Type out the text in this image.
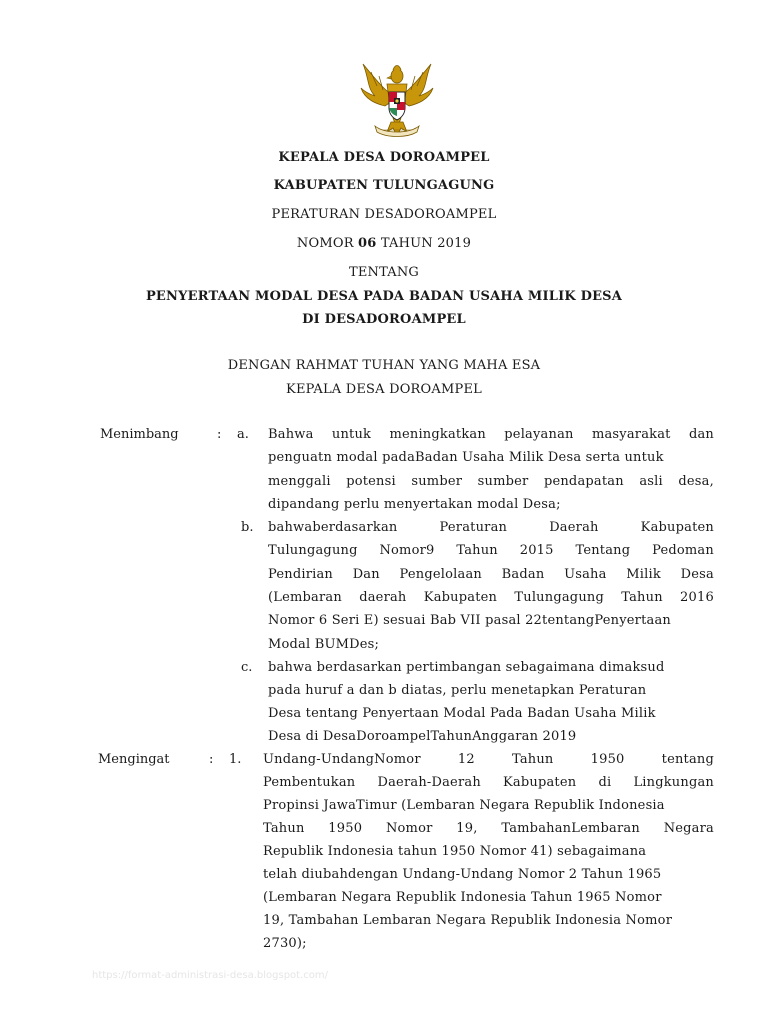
KEPALA DESA DOROAMPEL
KABUPATEN TULUNGAGUNG
PERATURAN DESADOROAMPEL
NOMOR 06 TAHUN 2019
TENTANG
PENYERTAAN MODAL DESA PADA BADAN USAHA MILIK DESA
DI DESADOROAMPEL
DENGAN RAHMAT TUHAN YANG MAHA ESA
KEPALA DESA DOROAMPEL
Menimbang	: a. Bahwa untuk meningkatkan pelayanan masyarakat dan
penguatn modal padaBadan Usaha Milik Desa serta untuk
menggali potensi sumber sumber pendapatan asli desa,
dipandang perlu menyertakan modal Desa;
b. bahwaberdasarkan	Peraturan	Daerah	Kabupaten
Tulungagung Nomor9 Tahun 2015 Tentang Pedoman
Pendirian Dan Pengelolaan Badan Usaha Milik Desa
(Lembaran daerah Kabupaten Tulungagung Tahun 2016
Nomor 6 Seri E) sesuai Bab VII pasal 22tentangPenyertaan
Modal BUMDes;
c. bahwa berdasarkan pertimbangan sebagaimana dimaksud
pada huruf a dan b diatas, perlu menetapkan Peraturan
Desa tentang Penyertaan Modal Pada Badan Usaha Milik
Desa di DesaDoroampelTahunAnggaran 2019
Mengingat	: 1. Undang-UndangNomor	12	Tahun	1950	tentang
Pembentukan Daerah-Daerah Kabupaten di Lingkungan
Propinsi JawaTimur (Lembaran Negara Republik Indonesia
Tahun 1950 Nomor 19, TambahanLembaran Negara
Republik Indonesia tahun 1950 Nomor 41) sebagaimana
telah diubahdengan Undang-Undang Nomor 2 Tahun 1965
(Lembaran Negara Republik Indonesia Tahun 1965 Nomor
19, Tambahan Lembaran Negara Republik Indonesia Nomor
2730);
https://format-administrasi-desa.blogspot.com/
